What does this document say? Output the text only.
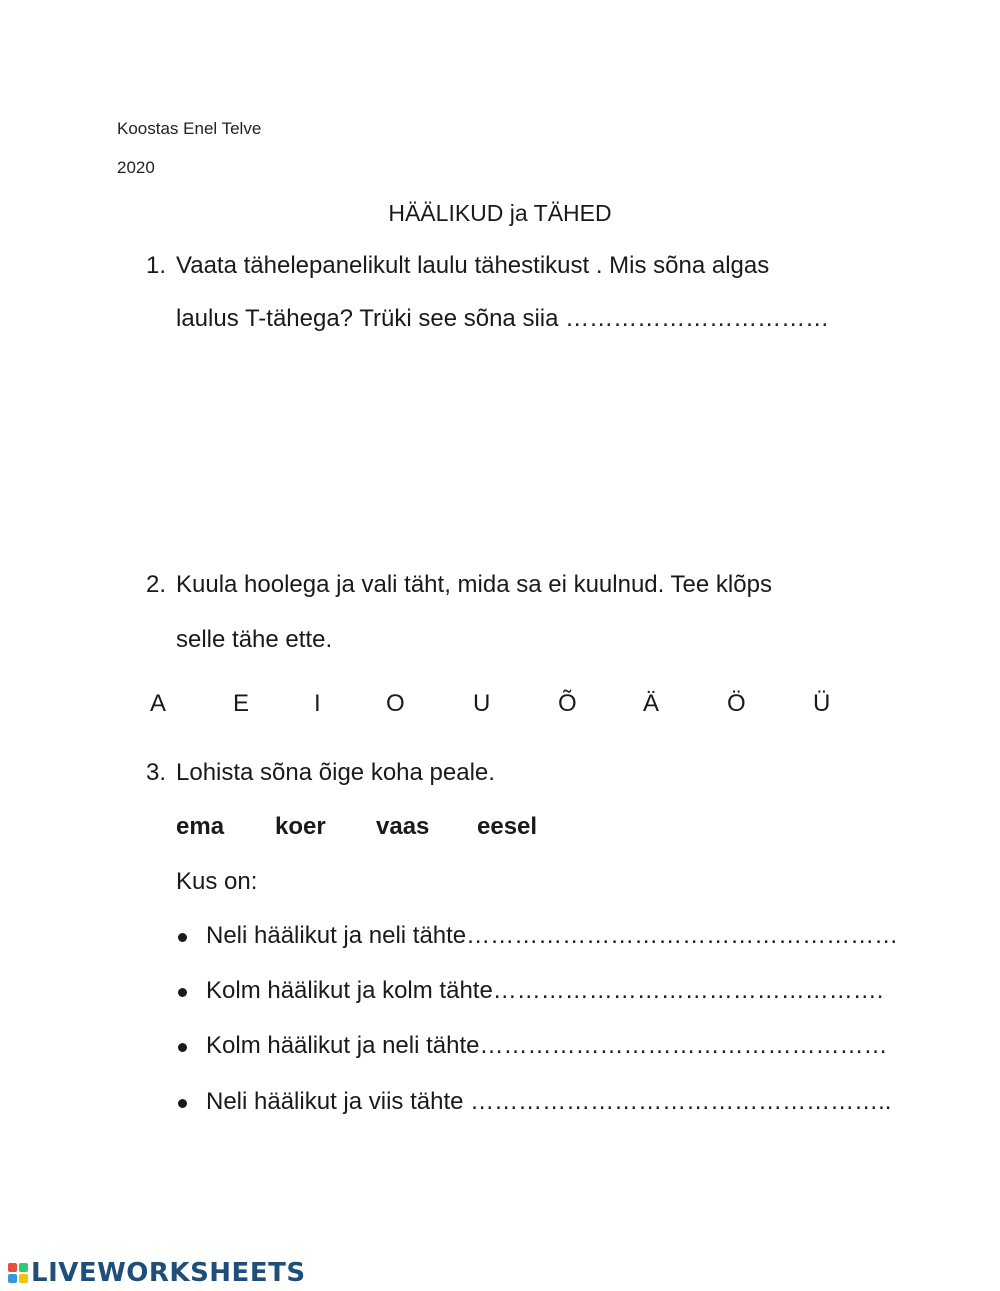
Koostas Enel Telve
2020
HÄÄLIKUD ja TÄHED
1. Vaata tähelepanelikult laulu tähestikust . Mis sõna algas
laulus T-tähega? Trüki see sõna siia ……………………………
2. Kuula hoolega ja vali täht, mida sa ei kuulnud. Tee klõps
selle tähe ette.
A	E	I	O	U	Õ	Ä	Ö	Ü
3. Lohista sõna õige koha peale.
ema koer vaas eesel
Kus on:
Neli häälikut ja neli tähte………………………………………………
Kolm häälikut ja kolm tähte………………………………………….
Kolm häälikut ja neli tähte……………………………………………
Neli häälikut ja viis tähte ……………………………………………..
LIVEWORKSHEETS
